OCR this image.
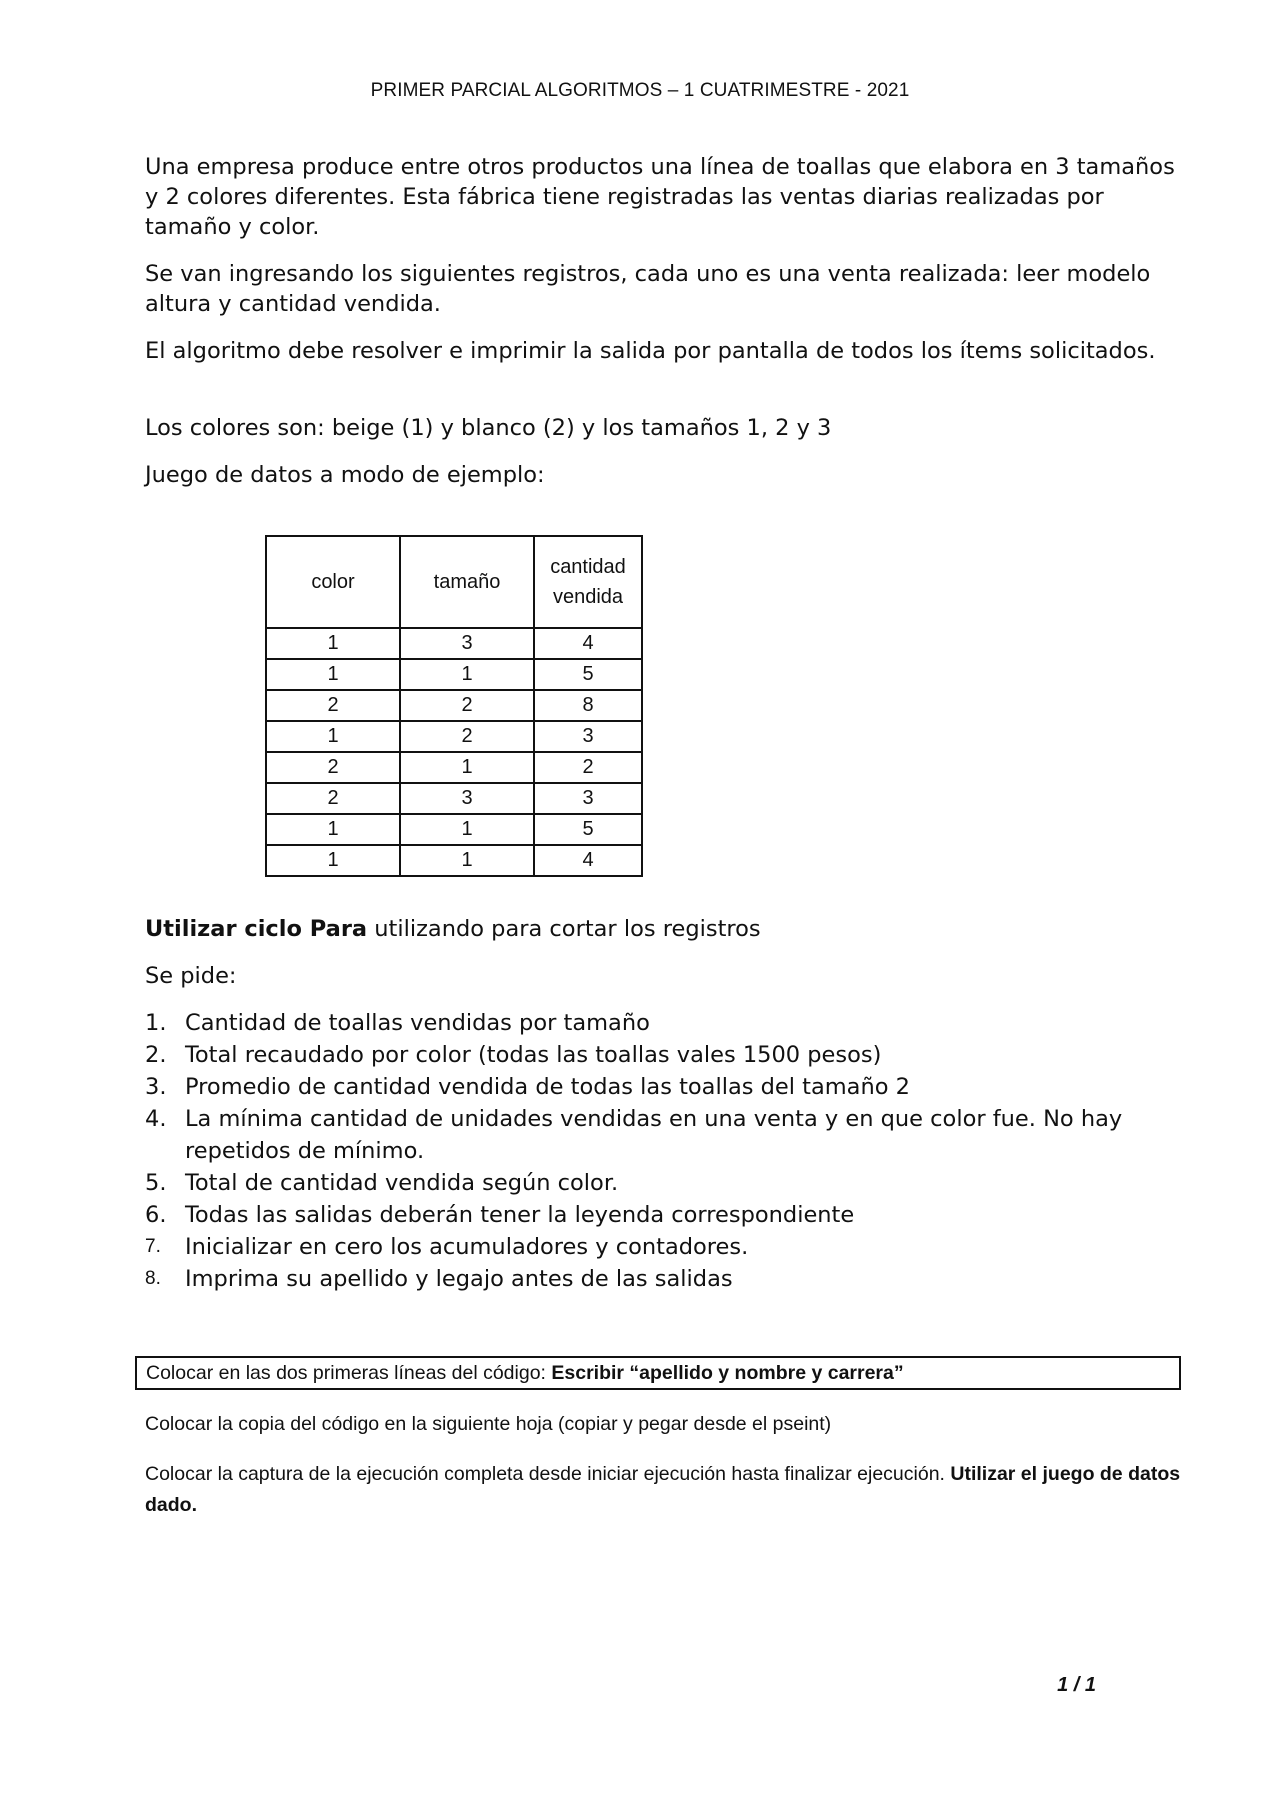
PRIMER PARCIAL ALGORITMOS – 1 CUATRIMESTRE - 2021

Una empresa produce entre otros productos una línea de toallas que elabora en 3 tamaños y 2 colores diferentes. Esta fábrica tiene registradas las ventas diarias realizadas por tamaño y color.

Se van ingresando los siguientes registros, cada uno es una venta realizada: leer modelo altura y cantidad vendida.

El algoritmo debe resolver e imprimir la salida por pantalla de todos los ítems solicitados.

Los colores son: beige (1) y blanco (2) y los tamaños 1, 2 y 3

Juego de datos a modo de ejemplo:

color	tamaño	cantidad vendida
1	3	4
1	1	5
2	2	8
1	2	3
2	1	2
2	3	3
1	1	5
1	1	4

Utilizar ciclo Para utilizando para cortar los registros

Se pide:

1. Cantidad de toallas vendidas por tamaño
2. Total recaudado por color (todas las toallas vales 1500 pesos)
3. Promedio de cantidad vendida de todas las toallas del tamaño 2
4. La mínima cantidad de unidades vendidas en una venta y en que color fue. No hay repetidos de mínimo.
5. Total de cantidad vendida según color.
6. Todas las salidas deberán tener la leyenda correspondiente
7. Inicializar en cero los acumuladores y contadores.
8. Imprima su apellido y legajo antes de las salidas
Colocar en las dos primeras líneas del código: Escribir “apellido y nombre y carrera”

Colocar la copia del código en la siguiente hoja (copiar y pegar desde el pseint)

Colocar la captura de la ejecución completa desde iniciar ejecución hasta finalizar ejecución. Utilizar el juego de datos dado.

1 / 1
